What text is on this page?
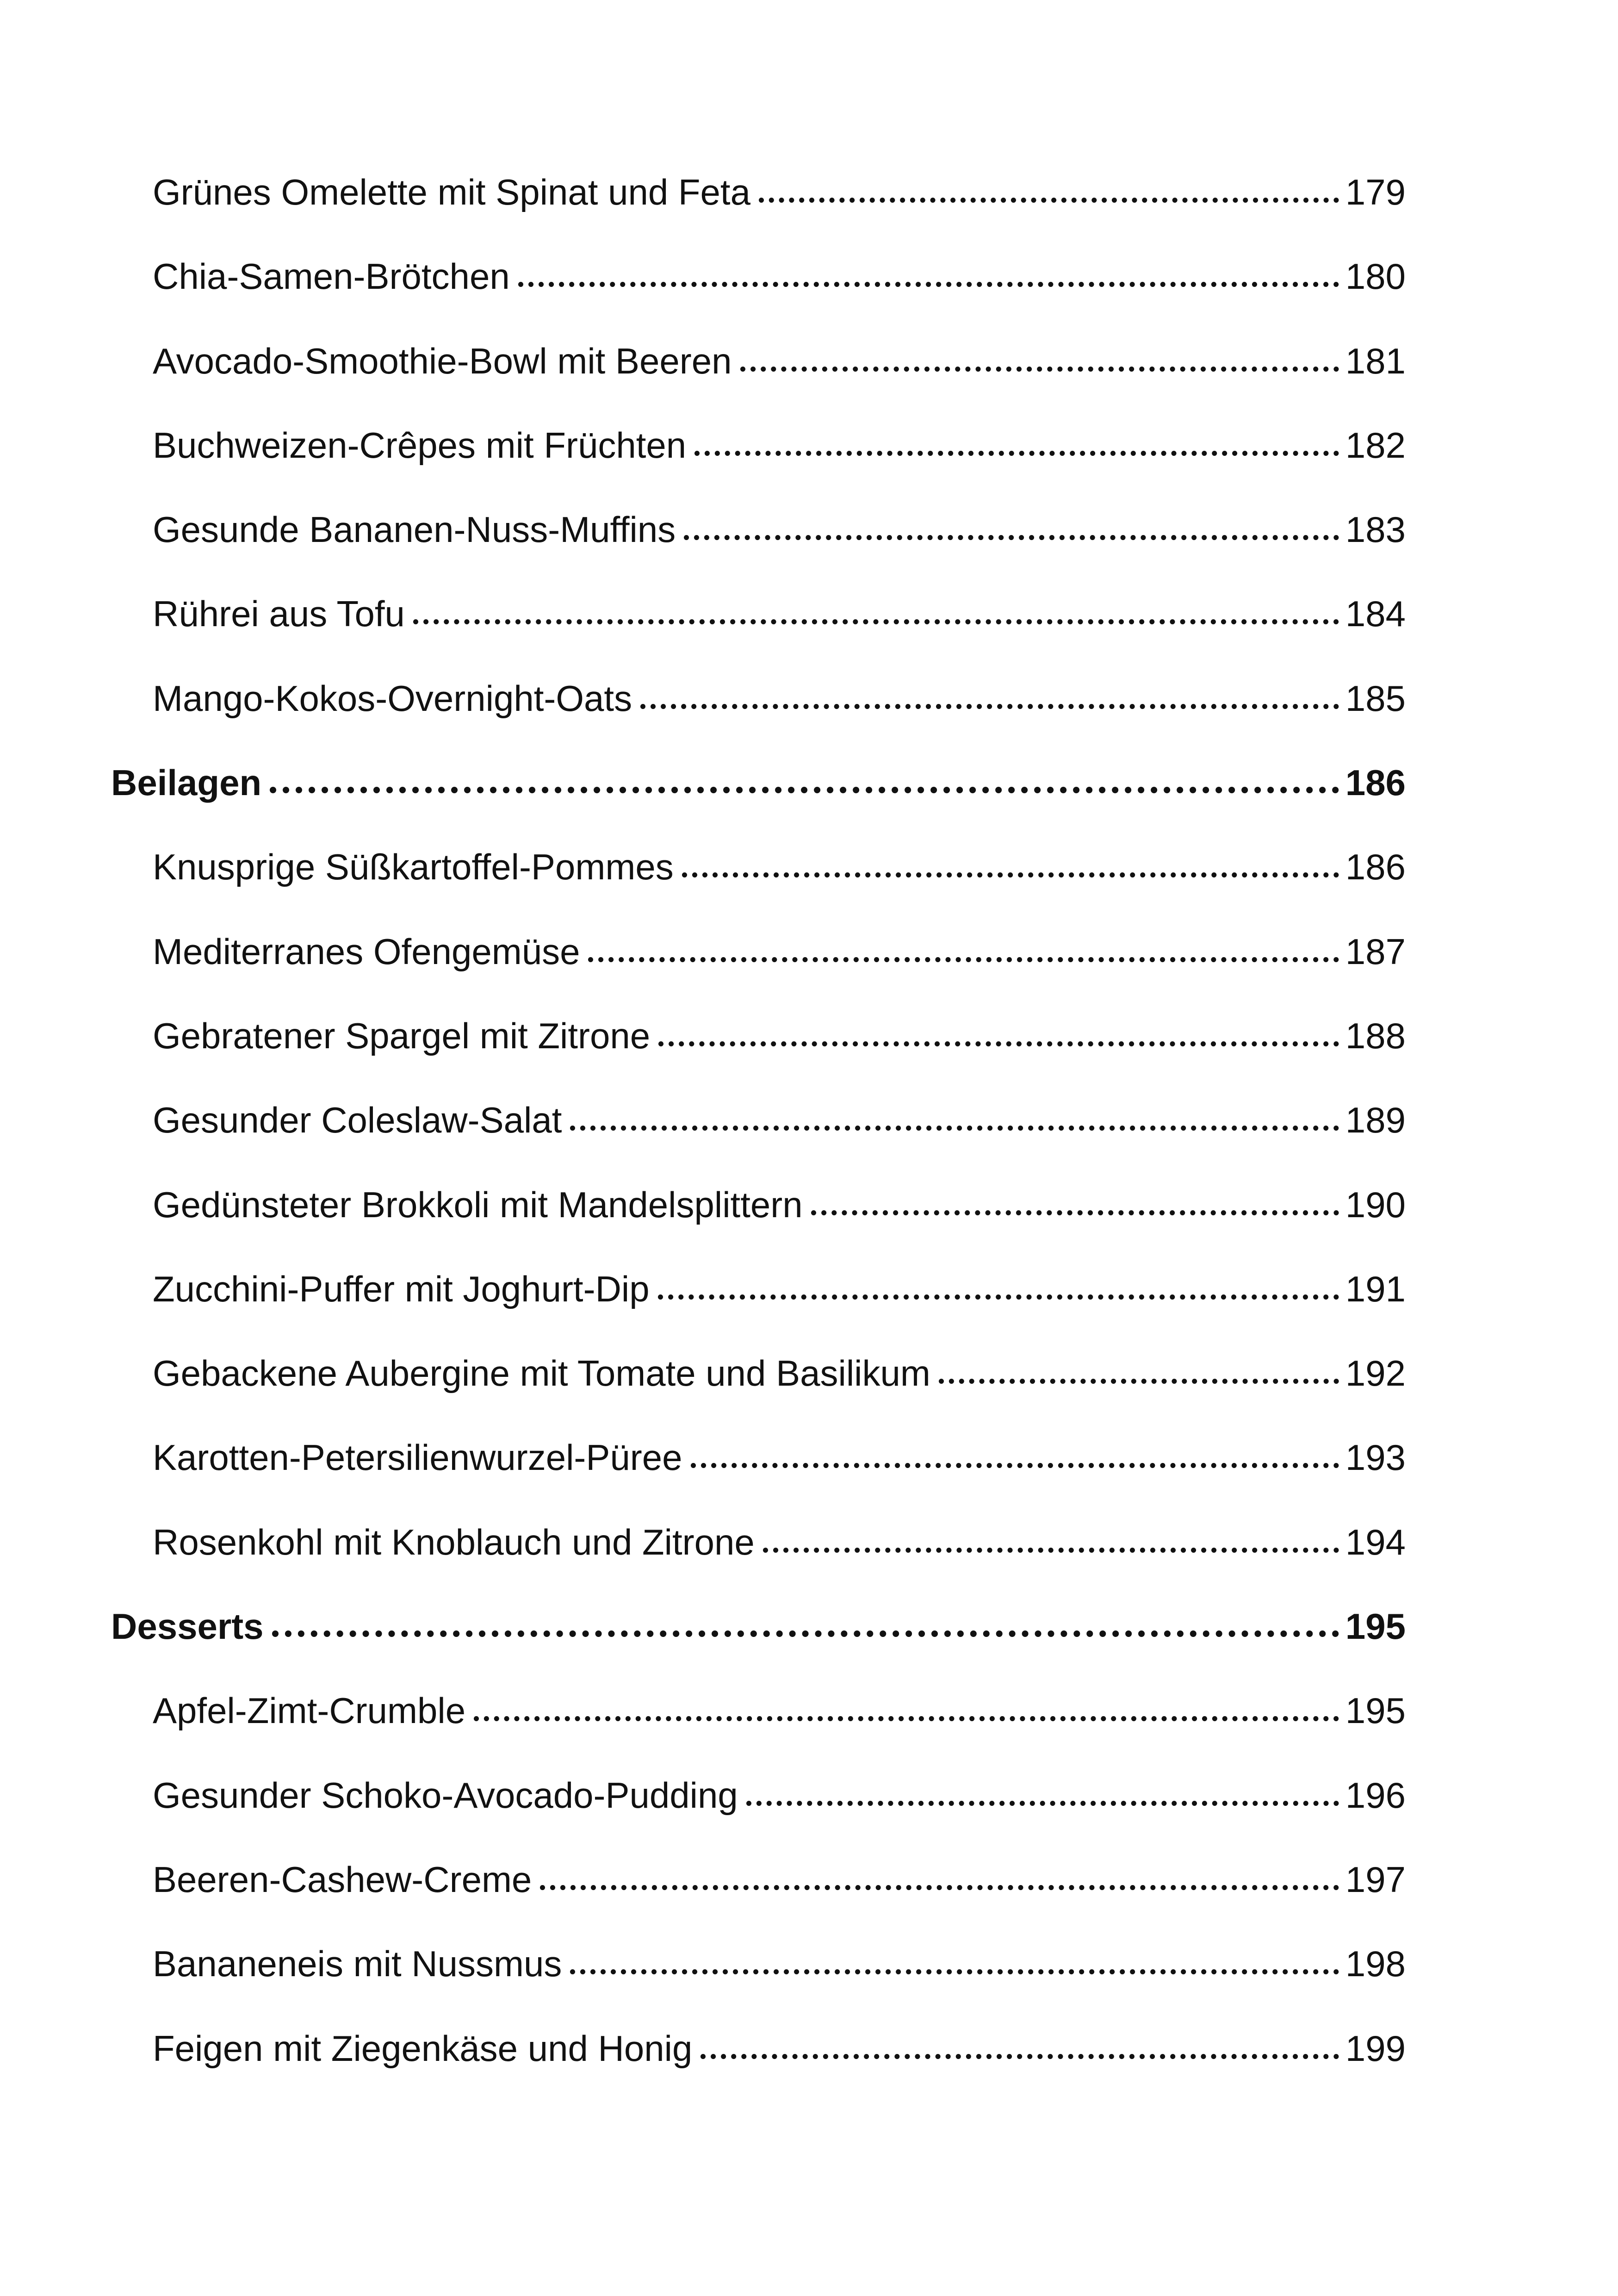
Grünes Omelette mit Spinat und Feta	179
Chia-Samen-Brötchen	180
Avocado-Smoothie-Bowl mit Beeren	181
Buchweizen-Crêpes mit Früchten	182
Gesunde Bananen-Nuss-Muffins	183
Rührei aus Tofu	184
Mango-Kokos-Overnight-Oats	185
Beilagen	186
Knusprige Süßkartoffel-Pommes	186
Mediterranes Ofengemüse	187
Gebratener Spargel mit Zitrone	188
Gesunder Coleslaw-Salat	189
Gedünsteter Brokkoli mit Mandelsplittern	190
Zucchini-Puffer mit Joghurt-Dip	191
Gebackene Aubergine mit Tomate und Basilikum	192
Karotten-Petersilienwurzel-Püree	193
Rosenkohl mit Knoblauch und Zitrone	194
Desserts	195
Apfel-Zimt-Crumble	195
Gesunder Schoko-Avocado-Pudding	196
Beeren-Cashew-Creme	197
Bananeneis mit Nussmus	198
Feigen mit Ziegenkäse und Honig	199
